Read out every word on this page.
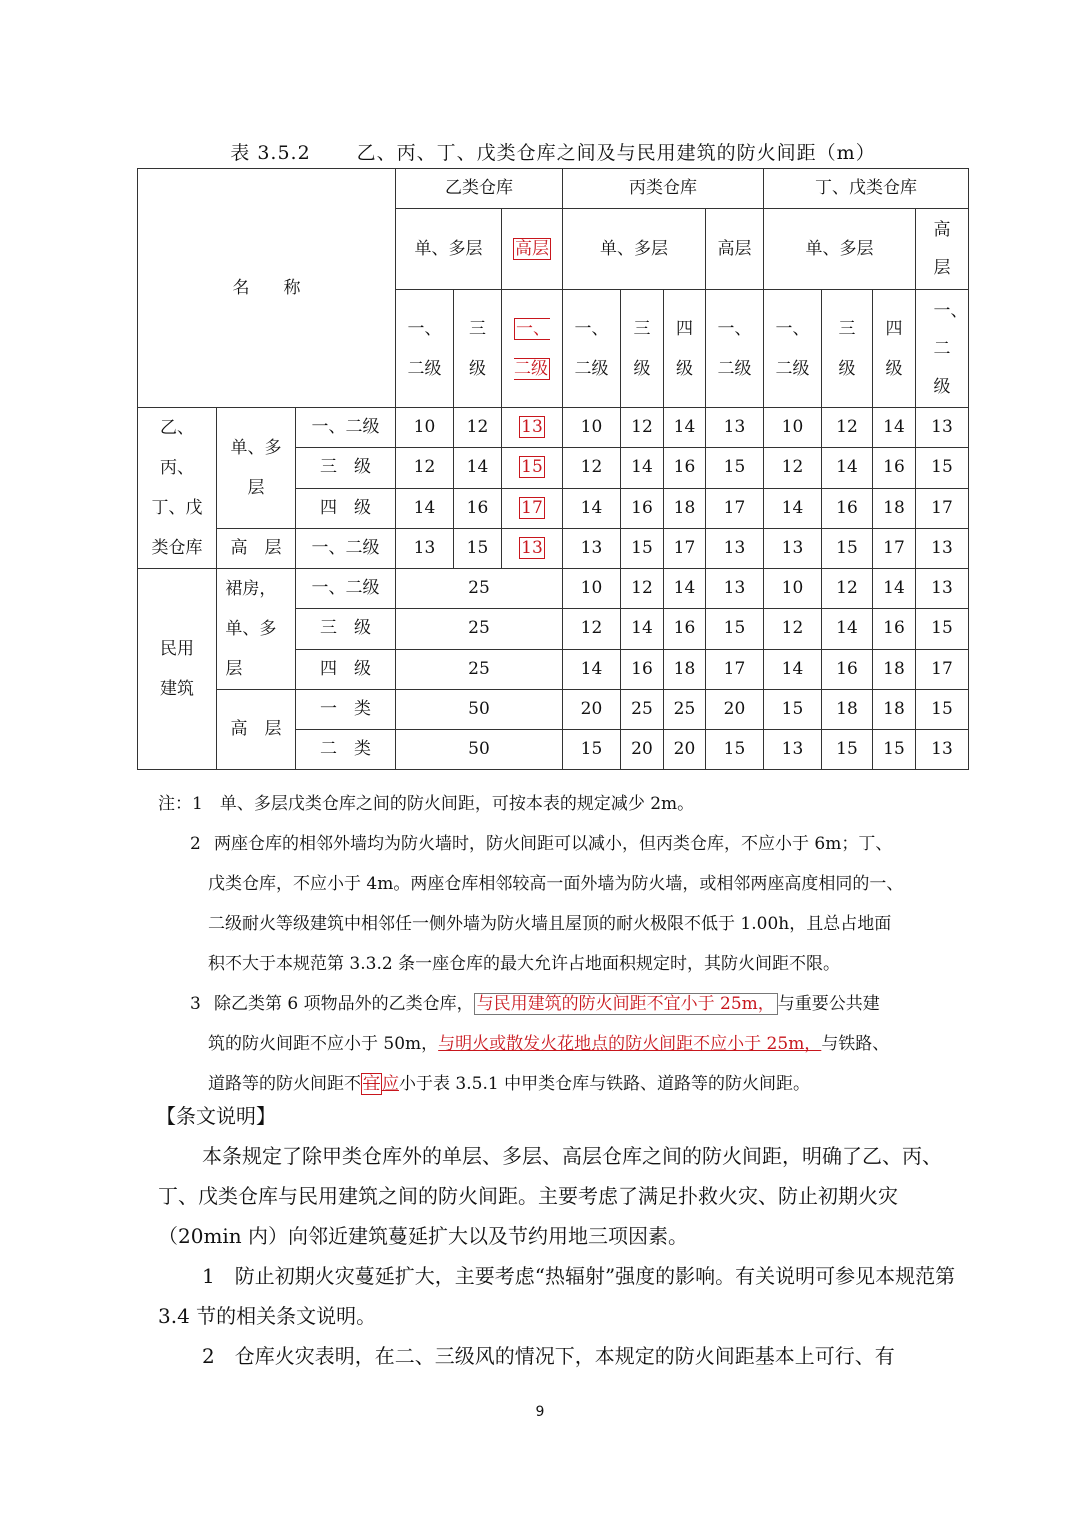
表 3.5.2 乙、丙、丁、戊类仓库之间及与民用建筑的防火间距（m）
名　　称			乙类仓库			丙类仓库				丁、戊类仓库			
			单、多层		高层	单、多层			高层	单、多层			高层

			一、二级	三级	一、二级	一、二级	三级	四级	一、二级	一、二级	三级	四级	一、二级

乙、丙、丁、戊类仓库	单、多层	一、二级	10	12	13	10	12	14	13	10	12	14	13
		三　级	12	14	15	12	14	16	15	12	14	16	15
		四　级	14	16	17	14	16	18	17	14	16	18	17
	高　层	一、二级	13	15	13	13	15	17	13	13	15	17	13

民用建筑	裙房，单、多层	一、二级	25			10	12	14	13	10	12	14	13
		三　级	25			12	14	16	15	12	14	16	15
		四　级	25			14	16	18	17	14	16	18	17
	高　层	一　类	50			20	25	25	20	15	18	18	15
		二　类	50			15	20	20	15	13	15	15	13
注：1　 单、多层戊类仓库之间的防火间距，可按本表的规定减少 2m。
2 两座仓库的相邻外墙均为防火墙时，防火间距可以减小，但丙类仓库，不应小于 6m；丁、
戊类仓库，不应小于 4m。两座仓库相邻较高一面外墙为防火墙，或相邻两座高度相同的一、
二级耐火等级建筑中相邻任一侧外墙为防火墙且屋顶的耐火极限不低于 1.00h，且总占地面
积不大于本规范第 3.3.2 条一座仓库的最大允许占地面积规定时，其防火间距不限。
3 除乙类第 6 项物品外的乙类仓库， 与民用建筑的防火间距不宜小于 25m， 与重要公共建
筑的防火间距不应小于 50m，与明火或散发火花地点的防火间距不应小于 25m，与铁路、
道路等的防火间距不 宜 应小于表 3.5.1 中甲类仓库与铁路、道路等的防火间距。

【条文说明】

本条规定了除甲类仓库外的单层、多层、高层仓库之间的防火间距，明确了乙、丙、丁、戊类仓库与民用建筑之间的防火间距。主要考虑了满足扑救火灾、防止初期火灾（20min 内）向邻近建筑蔓延扩大以及节约用地三项因素。

1　防止初期火灾蔓延扩大，主要考虑“热辐射”强度的影响。有关说明可参见本规范第 3.4 节的相关条文说明。

2　仓库火灾表明，在二、三级风的情况下，本规定的防火间距基本上可行、有

9
